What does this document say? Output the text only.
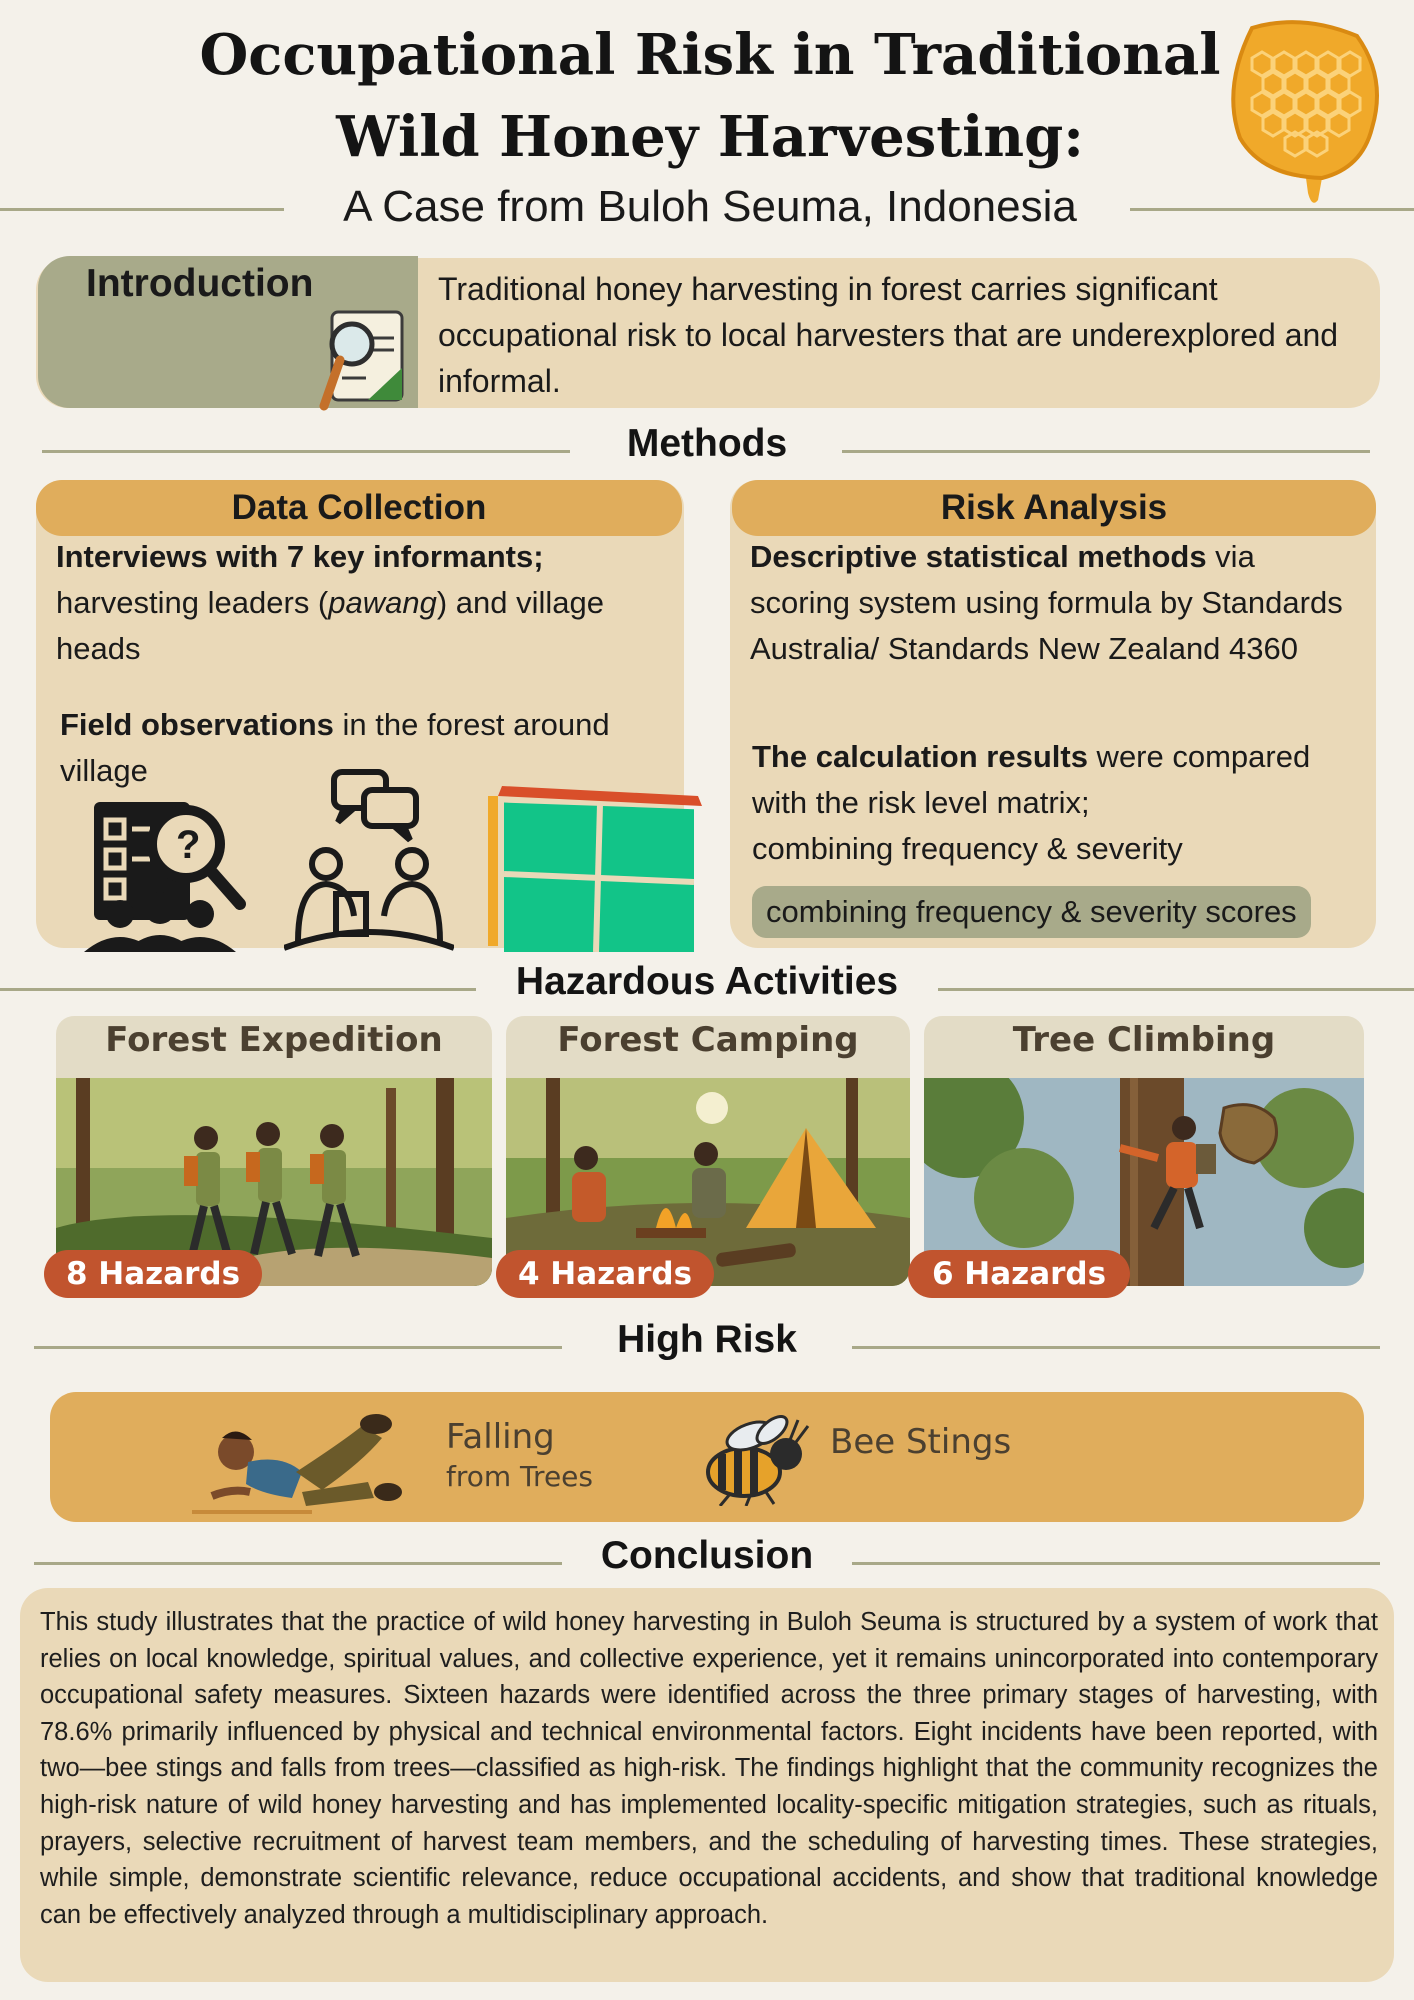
Occupational Risk in Traditional
Wild Honey Harvesting:
A Case from Buloh Seuma, Indonesia
Introduction	Traditional honey harvesting in forest carries significant occupational risk to local harvesters that are underexplored and informal.
Methods
Data Collection
Interviews with 7 key informants;
harvesting leaders (pawang) and village heads
Field observations in the forest around village
?
Risk Analysis
Descriptive statistical methods via scoring system using formula by Standards Australia/ Standards New Zealand 4360
The calculation results were compared with the risk level matrix;
combining frequency & severity
combining frequency & severity scores
Hazardous Activities
Forest Expedition	Forest Camping	Tree Climbing
8 Hazards	4 Hazards	6 Hazards
High Risk
Falling
from Trees
Bee Stings
Conclusion
This study illustrates that the practice of wild honey harvesting in Buloh Seuma is structured by a system of work that relies on local knowledge, spiritual values, and collective experience, yet it remains unincorporated into contemporary occupational safety measures. Sixteen hazards were identified across the three primary stages of harvesting, with 78.6% primarily influenced by physical and technical environmental factors. Eight incidents have been reported, with two—bee stings and falls from trees—classified as high-risk. The findings highlight that the community recognizes the high-risk nature of wild honey harvesting and has implemented locality-specific mitigation strategies, such as rituals, prayers, selective recruitment of harvest team members, and the scheduling of harvesting times. These strategies, while simple, demonstrate scientific relevance, reduce occupational accidents, and show that traditional knowledge can be effectively analyzed through a multidisciplinary approach.
